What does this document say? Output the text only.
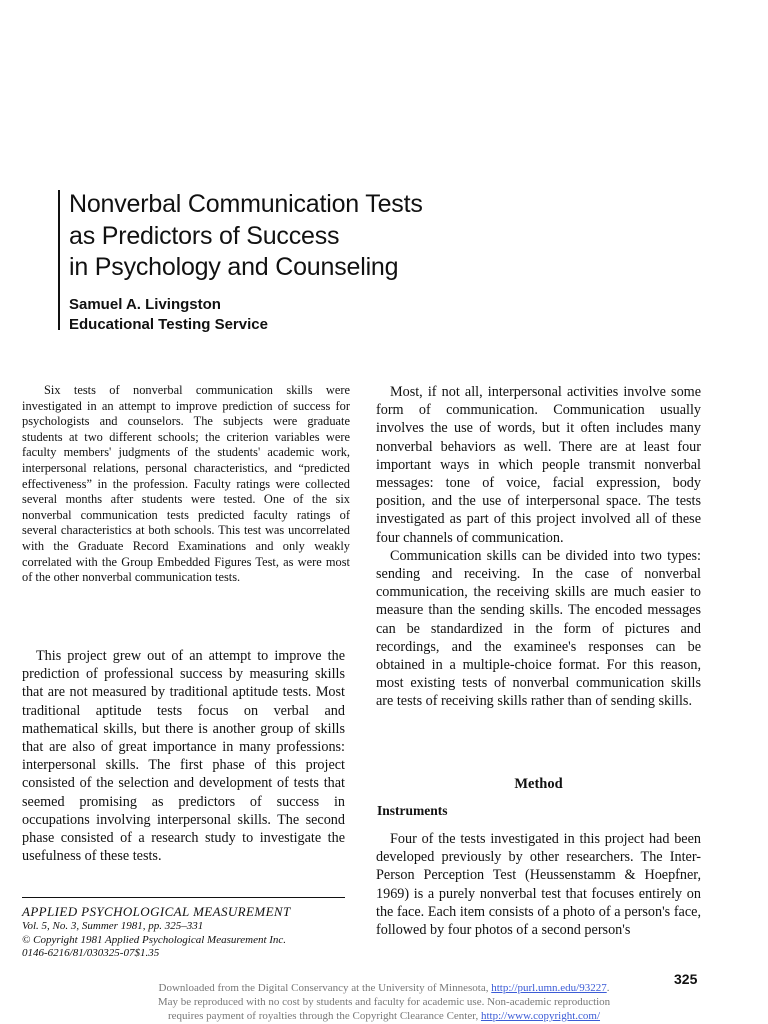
Nonverbal Communication Tests
as Predictors of Success
in Psychology and Counseling
Samuel A. Livingston
Educational Testing Service

Six tests of nonverbal communication skills were investigated in an attempt to improve prediction of success for psychologists and counselors. The subjects were graduate students at two different schools; the criterion variables were faculty members' judgments of the students' academic work, interpersonal relations, personal characteristics, and “predicted effectiveness” in the profession. Faculty ratings were collected several months after students were tested. One of the six nonverbal communication tests predicted faculty ratings of several characteristics at both schools. This test was uncorrelated with the Graduate Record Examinations and only weakly correlated with the Group Embedded Figures Test, as were most of the other nonverbal communication tests.

This project grew out of an attempt to improve the prediction of professional success by measuring skills that are not measured by traditional aptitude tests. Most traditional aptitude tests focus on verbal and mathematical skills, but there is another group of skills that are also of great importance in many professions: interpersonal skills. The first phase of this project consisted of the selection and development of tests that seemed promising as predictors of success in occupations involving interpersonal skills. The second phase consisted of a research study to investigate the usefulness of these tests.

Most, if not all, interpersonal activities involve some form of communication. Communication usually involves the use of words, but it often includes many nonverbal behaviors as well. There are at least four important ways in which people transmit nonverbal messages: tone of voice, facial expression, body position, and the use of interpersonal space. The tests investigated as part of this project involved all of these four channels of communication.

Communication skills can be divided into two types: sending and receiving. In the case of nonverbal communication, the receiving skills are much easier to measure than the sending skills. The encoded messages can be standardized in the form of pictures and recordings, and the examinee's responses can be obtained in a multiple-choice format. For this reason, most existing tests of nonverbal communication skills are tests of receiving skills rather than of sending skills.

Method
Instruments

Four of the tests investigated in this project had been developed previously by other researchers. The Inter-Person Perception Test (Heussenstamm & Hoepfner, 1969) is a purely nonverbal test that focuses entirely on the face. Each item consists of a photo of a person's face, followed by four photos of a second person's

APPLIED PSYCHOLOGICAL MEASUREMENT
Vol. 5, No. 3, Summer 1981, pp. 325–331
© Copyright 1981 Applied Psychological Measurement Inc.
0146-6216/81/030325-07$1.35
325
Downloaded from the Digital Conservancy at the University of Minnesota, http://purl.umn.edu/93227.
May be reproduced with no cost by students and faculty for academic use. Non-academic reproduction
requires payment of royalties through the Copyright Clearance Center, http://www.copyright.com/
